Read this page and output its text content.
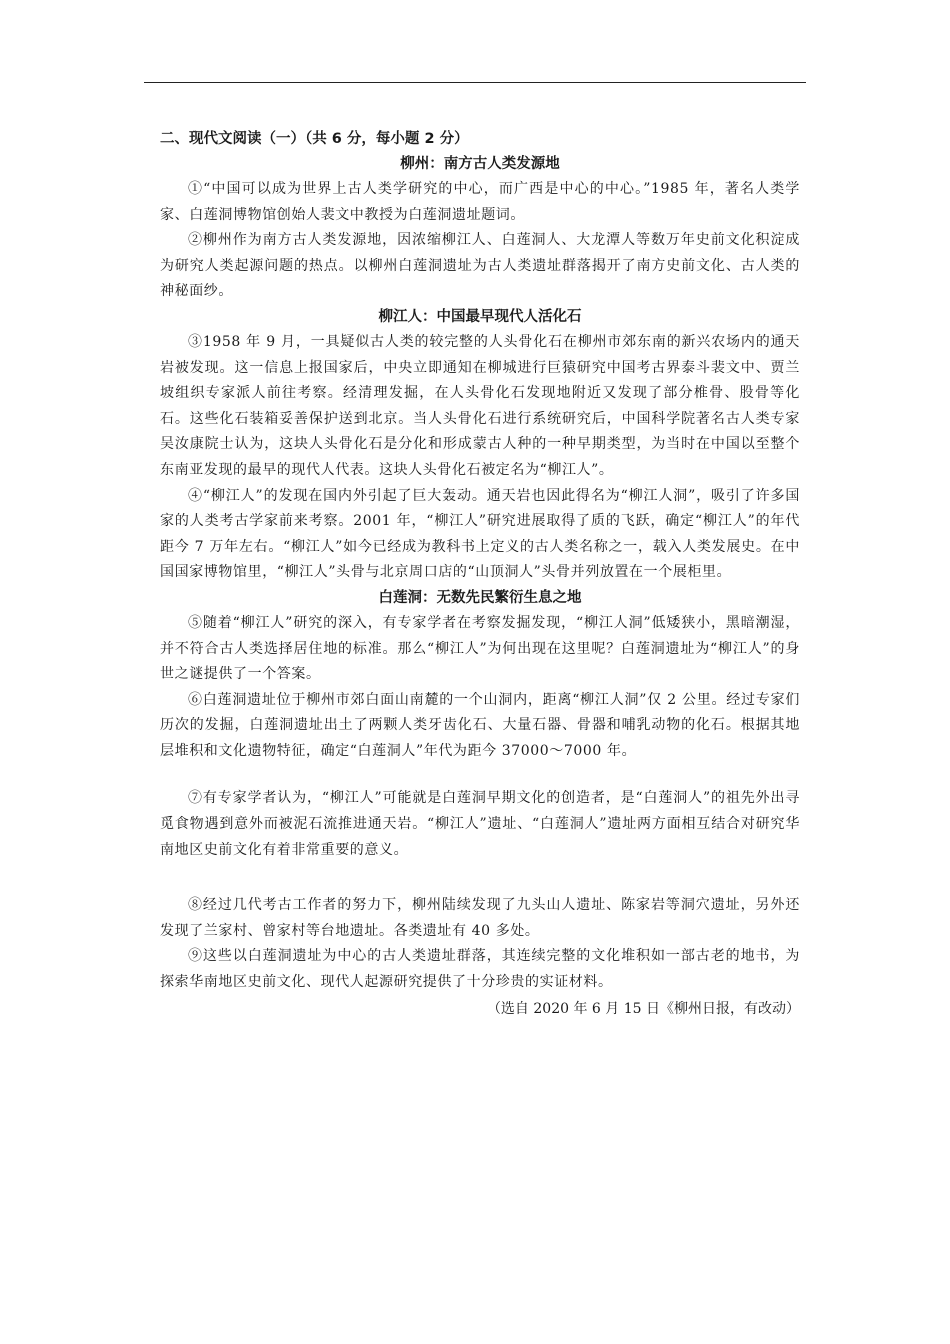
二、现代文阅读（一）（共 6 分，每小题 2 分）

柳州：南方古人类发源地

①“中国可以成为世界上古人类学研究的中心，而广西是中心的中心。”1985 年，著名人类学家、白莲洞博物馆创始人裴文中教授为白莲洞遗址题词。

②柳州作为南方古人类发源地，因浓缩柳江人、白莲洞人、大龙潭人等数万年史前文化积淀成为研究人类起源问题的热点。以柳州白莲洞遗址为古人类遗址群落揭开了南方史前文化、古人类的神秘面纱。

柳江人：中国最早现代人活化石

③1958 年 9 月，一具疑似古人类的较完整的人头骨化石在柳州市郊东南的新兴农场内的通天岩被发现。这一信息上报国家后，中央立即通知在柳城进行巨猿研究中国考古界泰斗裴文中、贾兰坡组织专家派人前往考察。经清理发掘，在人头骨化石发现地附近又发现了部分椎骨、股骨等化石。这些化石装箱妥善保护送到北京。当人头骨化石进行系统研究后，中国科学院著名古人类专家吴汝康院士认为，这块人头骨化石是分化和形成蒙古人种的一种早期类型，为当时在中国以至整个东南亚发现的最早的现代人代表。这块人头骨化石被定名为“柳江人”。

④“柳江人”的发现在国内外引起了巨大轰动。通天岩也因此得名为“柳江人洞”，吸引了许多国家的人类考古学家前来考察。2001 年，“柳江人”研究进展取得了质的飞跃，确定“柳江人”的年代距今 7 万年左右。“柳江人”如今已经成为教科书上定义的古人类名称之一，载入人类发展史。在中国国家博物馆里，“柳江人”头骨与北京周口店的“山顶洞人”头骨并列放置在一个展柜里。

白莲洞：无数先民繁衍生息之地

⑤随着“柳江人”研究的深入，有专家学者在考察发掘发现，“柳江人洞”低矮狭小，黑暗潮湿，并不符合古人类选择居住地的标准。那么“柳江人”为何出现在这里呢？白莲洞遗址为“柳江人”的身世之谜提供了一个答案。

⑥白莲洞遗址位于柳州市郊白面山南麓的一个山洞内，距离“柳江人洞”仅 2 公里。经过专家们历次的发掘，白莲洞遗址出土了两颗人类牙齿化石、大量石器、骨器和哺乳动物的化石。根据其地层堆积和文化遗物特征，确定“白莲洞人”年代为距今 37000～7000 年。

⑦有专家学者认为，“柳江人”可能就是白莲洞早期文化的创造者，是“白莲洞人”的祖先外出寻觅食物遇到意外而被泥石流推进通天岩。“柳江人”遗址、“白莲洞人”遗址两方面相互结合对研究华南地区史前文化有着非常重要的意义。

⑧经过几代考古工作者的努力下，柳州陆续发现了九头山人遗址、陈家岩等洞穴遗址，另外还发现了兰家村、曾家村等台地遗址。各类遗址有 40 多处。

⑨这些以白莲洞遗址为中心的古人类遗址群落，其连续完整的文化堆积如一部古老的地书，为探索华南地区史前文化、现代人起源研究提供了十分珍贵的实证材料。

（选自 2020 年 6 月 15 日《柳州日报，有改动）
